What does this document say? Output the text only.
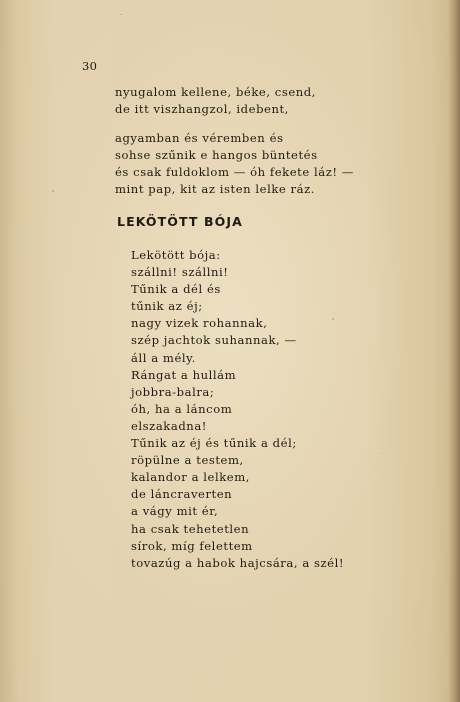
30
nyugalom kellene, béke, csend,
de itt viszhangzol, idebent,
agyamban és véremben és
sohse szűnik e hangos büntetés
és csak fuldoklom — óh fekete láz! —
mint pap, kit az isten lelke ráz.
LEKÖTÖTT BÓJA
Lekötött bója:
szállni! szállni!
Tűnik a dél és
tűnik az éj;
nagy vizek rohannak,
szép jachtok suhannak, —
áll a mély.
Rángat a hullám
jobbra-balra;
óh, ha a láncom
elszakadna!
Tűnik az éj és tűnik a dél;
röpülne a testem,
kalandor a lelkem,
de láncraverten
a vágy mit ér,
ha csak tehetetlen
sírok, míg felettem
tovazúg a habok hajcsára, a szél!
